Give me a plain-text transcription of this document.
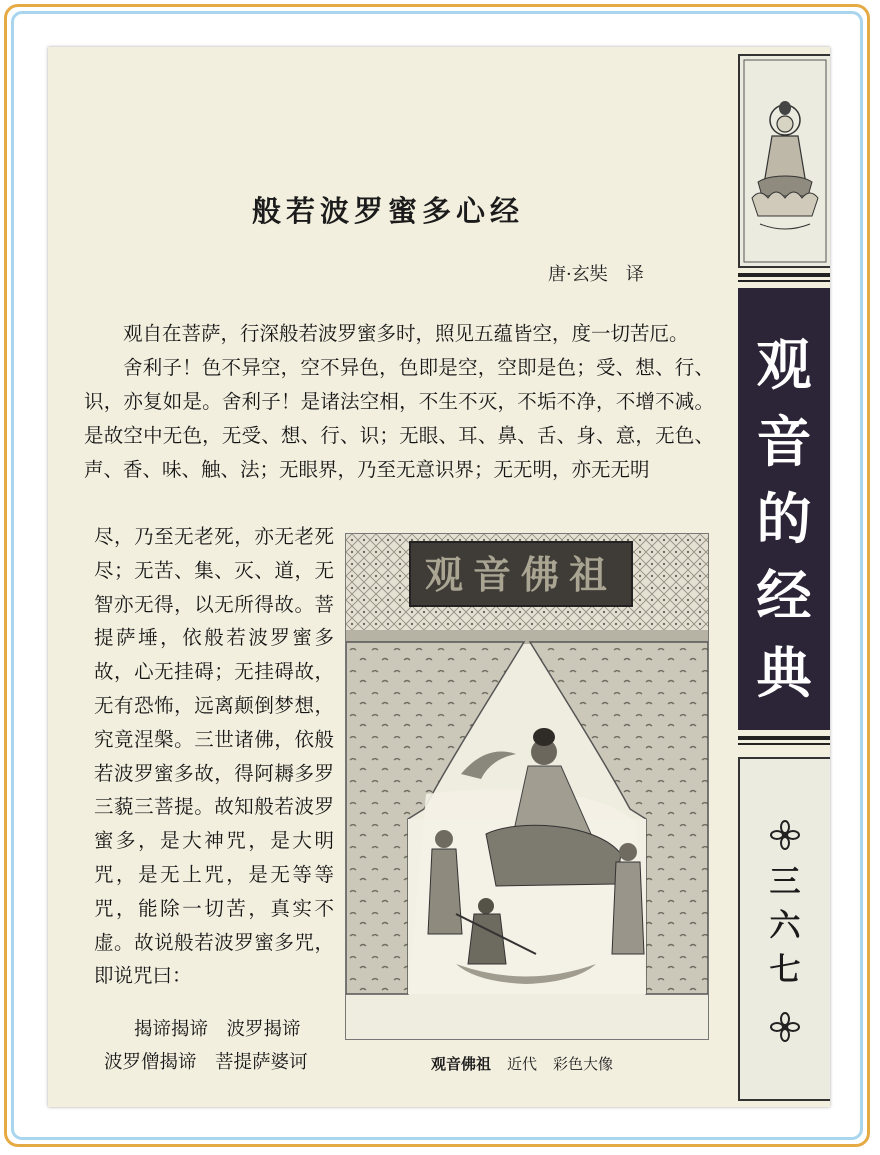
般若波罗蜜多心经
唐·玄奘　译

观自在菩萨，行深般若波罗蜜多时，照见五蕴皆空，度一切苦厄。

舍利子！色不异空，空不异色，色即是空，空即是色；受、想、行、识，亦复如是。舍利子！是诸法空相，不生不灭，不垢不净，不增不减。是故空中无色，无受、想、行、识；无眼、耳、鼻、舌、身、意，无色、声、香、味、触、法；无眼界，乃至无意识界；无无明，亦无无明

尽，乃至无老死，亦无老死尽；无苦、集、灭、道，无智亦无得，以无所得故。菩提萨埵，依般若波罗蜜多故，心无挂碍；无挂碍故，无有恐怖，远离颠倒梦想，究竟涅槃。三世诸佛，依般若波罗蜜多故，得阿耨多罗三藐三菩提。故知般若波罗蜜多，是大神咒，是大明咒，是无上咒，是无等等咒，能除一切苦，真实不虚。故说般若波罗蜜多咒，即说咒曰：
揭谛揭谛　波罗揭谛
波罗僧揭谛　菩提萨婆诃
观音佛祖
观音佛祖 近代 彩色大像
观
音
的
经
典
三
六
七
